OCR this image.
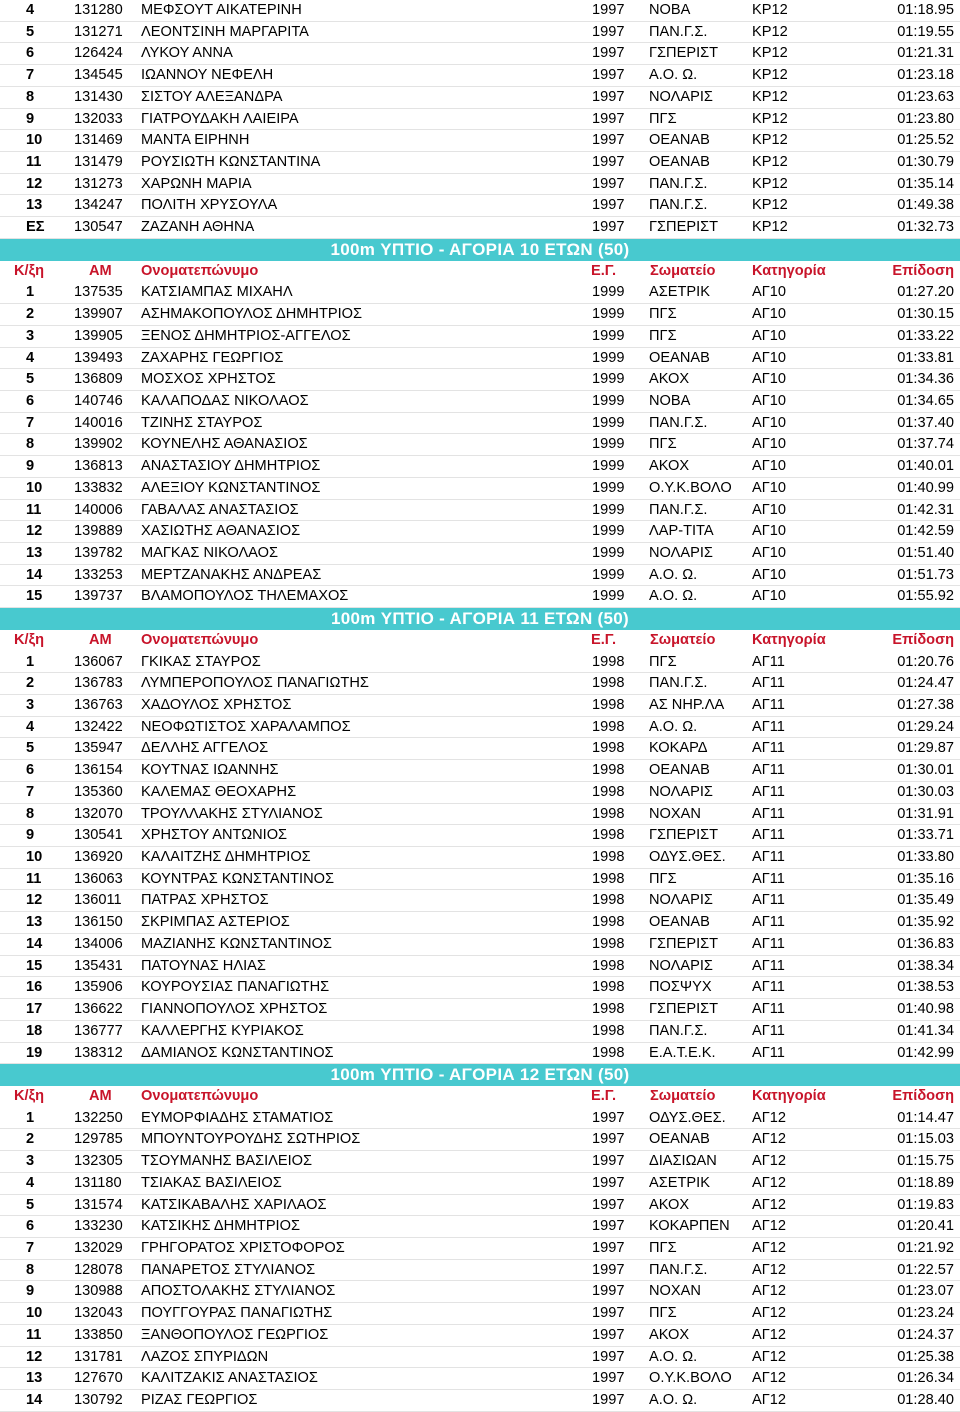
4	131280 ΜΕΦΣΟΥΤ ΑΙΚΑΤΕΡΙΝΗ	1997 ΝΟΒΑ	ΚΡ12	01:18.95
5	131271 ΛΕΟΝΤΣΙΝΗ ΜΑΡΓΑΡΙΤΑ	1997 ΠΑΝ.Γ.Σ.	ΚΡ12	01:19.55
6	126424 ΛΥΚΟΥ ΑΝΝΑ	1997 ΓΣΠΕΡΙΣΤ ΚΡ12	01:21.31
7	134545 ΙΩΑΝΝΟΥ ΝΕΦΕΛΗ	1997 Α.Ο. Ω.	ΚΡ12	01:23.18
8	131430 ΣΙΣΤΟΥ ΑΛΕΞΑΝΔΡΑ	1997 ΝΟΛΑΡΙΣ	ΚΡ12	01:23.63
9	132033 ΓΙΑΤΡΟΥΔΑΚΗ ΛΑΙΕΙΡΑ	1997 ΠΓΣ	ΚΡ12	01:23.80
10	131469 ΜΑΝΤΑ ΕΙΡΗΝΗ	1997 ΟΕΑΝΑΒ	ΚΡ12	01:25.52
11	131479 ΡΟΥΣΙΩΤΗ ΚΩΝΣΤΑΝΤΙΝΑ	1997 ΟΕΑΝΑΒ	ΚΡ12	01:30.79
12	131273 ΧΑΡΩΝΗ ΜΑΡΙΑ	1997 ΠΑΝ.Γ.Σ.	ΚΡ12	01:35.14
13	134247 ΠΟΛΙΤΗ ΧΡΥΣΟΥΛΑ	1997 ΠΑΝ.Γ.Σ.	ΚΡ12	01:49.38
ΕΣ	130547 ΖΑΖΑΝΗ ΑΘΗΝΑ	1997 ΓΣΠΕΡΙΣΤ ΚΡ12	01:32.73
100m ΥΠΤΙΟ - ΑΓΟΡΙΑ 10 ΕΤΩΝ (50)
Κ/ξη	ΑΜ Ονοματεπώνυμο	Ε.Γ. Σωματείο	Κατηγορία	Επίδοση
1	137535 ΚΑΤΣΙΑΜΠΑΣ ΜΙΧΑΗΛ	1999 ΑΣΕΤΡΙΚ	ΑΓ10	01:27.20
2	139907 ΑΣΗΜΑΚΟΠΟΥΛΟΣ ΔΗΜΗΤΡΙΟΣ	1999 ΠΓΣ	ΑΓ10	01:30.15
3	139905 ΞΕΝΟΣ ΔΗΜΗΤΡΙΟΣ-ΑΓΓΕΛΟΣ	1999 ΠΓΣ	ΑΓ10	01:33.22
4	139493 ΖΑΧΑΡΗΣ ΓΕΩΡΓΙΟΣ	1999 ΟΕΑΝΑΒ	ΑΓ10	01:33.81
5	136809 ΜΟΣΧΟΣ ΧΡΗΣΤΟΣ	1999 ΑΚΟΧ	ΑΓ10	01:34.36
6	140746 ΚΑΛΑΠΟΔΑΣ ΝΙΚΟΛΑΟΣ	1999 ΝΟΒΑ	ΑΓ10	01:34.65
7	140016 ΤΖΙΝΗΣ ΣΤΑΥΡΟΣ	1999 ΠΑΝ.Γ.Σ.	ΑΓ10	01:37.40
8	139902 ΚΟΥΝΕΛΗΣ ΑΘΑΝΑΣΙΟΣ	1999 ΠΓΣ	ΑΓ10	01:37.74
9	136813 ΑΝΑΣΤΑΣΙΟΥ ΔΗΜΗΤΡΙΟΣ	1999 ΑΚΟΧ	ΑΓ10	01:40.01
10	133832 ΑΛΕΞΙΟΥ ΚΩΝΣΤΑΝΤΙΝΟΣ	1999 Ο.Υ.Κ.ΒΟΛΟ ΑΓ10	01:40.99
11	140006 ΓΑΒΑΛΑΣ ΑΝΑΣΤΑΣΙΟΣ	1999 ΠΑΝ.Γ.Σ.	ΑΓ10	01:42.31
12	139889 ΧΑΣΙΩΤΗΣ ΑΘΑΝΑΣΙΟΣ	1999 ΛΑΡ-ΤΙΤΑ	ΑΓ10	01:42.59
13	139782 ΜΑΓΚΑΣ ΝΙΚΟΛΑΟΣ	1999 ΝΟΛΑΡΙΣ	ΑΓ10	01:51.40
14	133253 ΜΕΡΤΖΑΝΑΚΗΣ ΑΝΔΡΕΑΣ	1999 Α.Ο. Ω.	ΑΓ10	01:51.73
15	139737 ΒΛΑΜΟΠΟΥΛΟΣ ΤΗΛΕΜΑΧΟΣ	1999 Α.Ο. Ω.	ΑΓ10	01:55.92
100m ΥΠΤΙΟ - ΑΓΟΡΙΑ 11 ΕΤΩΝ (50)
Κ/ξη	ΑΜ Ονοματεπώνυμο	Ε.Γ. Σωματείο	Κατηγορία	Επίδοση
1	136067 ΓΚΙΚΑΣ ΣΤΑΥΡΟΣ	1998 ΠΓΣ	ΑΓ11	01:20.76
2	136783 ΛΥΜΠΕΡΟΠΟΥΛΟΣ ΠΑΝΑΓΙΩΤΗΣ	1998 ΠΑΝ.Γ.Σ.	ΑΓ11	01:24.47
3	136763 ΧΑΔΟΥΛΟΣ ΧΡΗΣΤΟΣ	1998 ΑΣ ΝΗΡ.ΛΑ ΑΓ11	01:27.38
4	132422 ΝΕΟΦΩΤΙΣΤΟΣ ΧΑΡΑΛΑΜΠΟΣ	1998 Α.Ο. Ω.	ΑΓ11	01:29.24
5	135947 ΔΕΛΛΗΣ ΑΓΓΕΛΟΣ	1998 ΚΟΚΑΡΔ	ΑΓ11	01:29.87
6	136154 ΚΟΥΤΝΑΣ ΙΩΑΝΝΗΣ	1998 ΟΕΑΝΑΒ	ΑΓ11	01:30.01
7	135360 ΚΑΛΕΜΑΣ ΘΕΟΧΑΡΗΣ	1998 ΝΟΛΑΡΙΣ	ΑΓ11	01:30.03
8	132070 ΤΡΟΥΛΛΑΚΗΣ ΣΤΥΛΙΑΝΟΣ	1998 ΝΟΧΑΝ	ΑΓ11	01:31.91
9	130541 ΧΡΗΣΤΟΥ ΑΝΤΩΝΙΟΣ	1998 ΓΣΠΕΡΙΣΤ ΑΓ11	01:33.71
10	136920 ΚΑΛΑΙΤΖΗΣ ΔΗΜΗΤΡΙΟΣ	1998 ΟΔΥΣ.ΘΕΣ. ΑΓ11	01:33.80
11	136063 ΚΟΥΝΤΡΑΣ ΚΩΝΣΤΑΝΤΙΝΟΣ	1998 ΠΓΣ	ΑΓ11	01:35.16
12	136011 ΠΑΤΡΑΣ ΧΡΗΣΤΟΣ	1998 ΝΟΛΑΡΙΣ	ΑΓ11	01:35.49
13	136150 ΣΚΡΙΜΠΑΣ ΑΣΤΕΡΙΟΣ	1998 ΟΕΑΝΑΒ	ΑΓ11	01:35.92
14	134006 ΜΑΖΙΑΝΗΣ ΚΩΝΣΤΑΝΤΙΝΟΣ	1998 ΓΣΠΕΡΙΣΤ ΑΓ11	01:36.83
15	135431 ΠΑΤΟΥΝΑΣ ΗΛΙΑΣ	1998 ΝΟΛΑΡΙΣ	ΑΓ11	01:38.34
16	135906 ΚΟΥΡΟΥΣΙΑΣ ΠΑΝΑΓΙΩΤΗΣ	1998 ΠΟΣΨΥΧ	ΑΓ11	01:38.53
17	136622 ΓΙΑΝΝΟΠΟΥΛΟΣ ΧΡΗΣΤΟΣ	1998 ΓΣΠΕΡΙΣΤ ΑΓ11	01:40.98
18	136777 ΚΑΛΛΕΡΓΗΣ ΚΥΡΙΑΚΟΣ	1998 ΠΑΝ.Γ.Σ.	ΑΓ11	01:41.34
19	138312 ΔΑΜΙΑΝΟΣ ΚΩΝΣΤΑΝΤΙΝΟΣ	1998 Ε.Α.Τ.Ε.Κ. ΑΓ11	01:42.99
100m ΥΠΤΙΟ - ΑΓΟΡΙΑ 12 ΕΤΩΝ (50)
Κ/ξη	ΑΜ Ονοματεπώνυμο	Ε.Γ. Σωματείο	Κατηγορία	Επίδοση
1	132250 ΕΥΜΟΡΦΙΑΔΗΣ ΣΤΑΜΑΤΙΟΣ	1997 ΟΔΥΣ.ΘΕΣ. ΑΓ12	01:14.47
2	129785 ΜΠΟΥΝΤΟΥΡΟΥΔΗΣ ΣΩΤΗΡΙΟΣ	1997 ΟΕΑΝΑΒ	ΑΓ12	01:15.03
3	132305 ΤΣΟΥΜΑΝΗΣ ΒΑΣΙΛΕΙΟΣ	1997 ΔΙΑΣΙΩΑΝ ΑΓ12	01:15.75
4	131180 ΤΣΙΑΚΑΣ ΒΑΣΙΛΕΙΟΣ	1997 ΑΣΕΤΡΙΚ	ΑΓ12	01:18.89
5	131574 ΚΑΤΣΙΚΑΒΑΛΗΣ ΧΑΡΙΛΑΟΣ	1997 ΑΚΟΧ	ΑΓ12	01:19.83
6	133230 ΚΑΤΣΙΚΗΣ ΔΗΜΗΤΡΙΟΣ	1997 ΚΟΚΑΡΠΕΝ ΑΓ12	01:20.41
7	132029 ΓΡΗΓΟΡΑΤΟΣ ΧΡΙΣΤΟΦΟΡΟΣ	1997 ΠΓΣ	ΑΓ12	01:21.92
8	128078 ΠΑΝΑΡΕΤΟΣ ΣΤΥΛΙΑΝΟΣ	1997 ΠΑΝ.Γ.Σ.	ΑΓ12	01:22.57
9	130988 ΑΠΟΣΤΟΛΑΚΗΣ ΣΤΥΛΙΑΝΟΣ	1997 ΝΟΧΑΝ	ΑΓ12	01:23.07
10	132043 ΠΟΥΓΓΟΥΡΑΣ ΠΑΝΑΓΙΩΤΗΣ	1997 ΠΓΣ	ΑΓ12	01:23.24
11	133850 ΞΑΝΘΟΠΟΥΛΟΣ ΓΕΩΡΓΙΟΣ	1997 ΑΚΟΧ	ΑΓ12	01:24.37
12	131781 ΛΑΖΟΣ ΣΠΥΡΙΔΩΝ	1997 Α.Ο. Ω.	ΑΓ12	01:25.38
13	127670 ΚΑΛΙΤΖΑΚΙΣ ΑΝΑΣΤΑΣΙΟΣ	1997 Ο.Υ.Κ.ΒΟΛΟ ΑΓ12	01:26.34
14	130792 ΡΙΖΑΣ ΓΕΩΡΓΙΟΣ	1997 Α.Ο. Ω.	ΑΓ12	01:28.40
